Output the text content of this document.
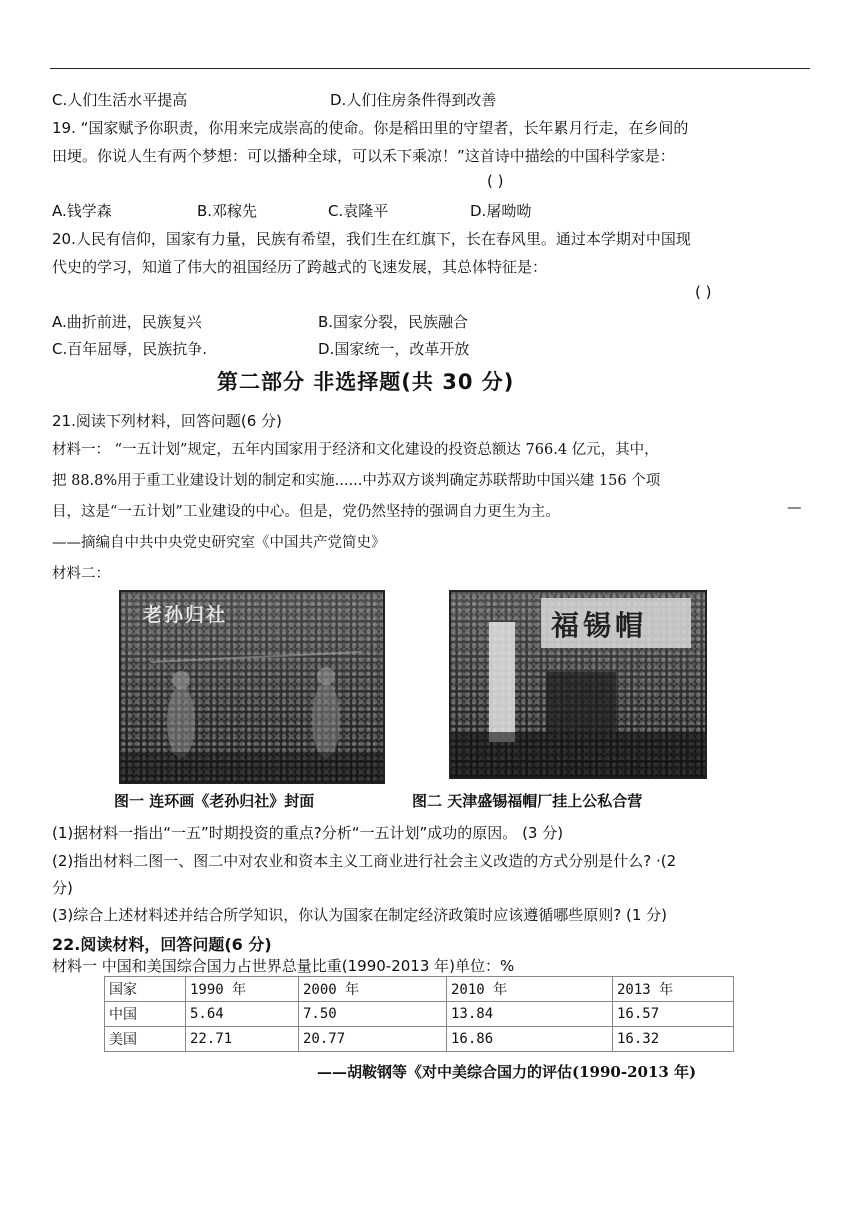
C.人们生活水平提高	D.人们住房条件得到改善
19. “国家赋予你职责，你用来完成崇高的使命。你是稻田里的守望者，长年累月行走，在乡间的
田埂。你说人生有两个梦想：可以播种全球，可以禾下乘凉！”这首诗中描绘的中国科学家是：
( )
A.钱学森	B.邓稼先	C.袁隆平	D.屠呦呦
20.人民有信仰，国家有力量，民族有希望，我们生在红旗下，长在春风里。通过本学期对中国现
代史的学习，知道了伟大的祖国经历了跨越式的飞速发展，其总体特征是：
( )
A.曲折前进，民族复兴	B.国家分裂，民族融合
C.百年屈辱，民族抗争.	D.国家统一，改革开放
第二部分 非选择题(共 30 分)
21.阅读下列材料，回答问题(6 分)
材料一： “一五计划”规定，五年内国家用于经济和文化建设的投资总额达 766.4 亿元，其中，
把 88.8%用于重工业建设计划的制定和实施......中苏双方谈判确定苏联帮助中国兴建 156 个项
目，这是“一五计划”工业建设的中心。但是，党仍然坚持的强调自力更生为主。	—
——摘编自中共中央党史研究室《中国共产党简史》
材料二：
老孙归社	福锡帽
图一 连环画《老孙归社》封面	图二 天津盛锡福帽厂挂上公私合营
(1)据材料一指出“一五”时期投资的重点?分析“一五计划”成功的原因。 (3 分)
(2)指出材料二图一、图二中对农业和资本主义工商业进行社会主义改造的方式分别是什么? ·(2
分)
(3)综合上述材料述并结合所学知识，你认为国家在制定经济政策时应该遵循哪些原则? (1 分)
22.阅读材料，回答问题(6 分)
材料一 中国和美国综合国力占世界总量比重(1990-2013 年)单位：%
国家	1990 年	2000 年	2010 年	2013 年
中国	5.64	7.50	13.84	16.57
美国	22.71	20.77	16.86	16.32
——胡鞍钢等《对中美综合国力的评估(1990-2013 年)
